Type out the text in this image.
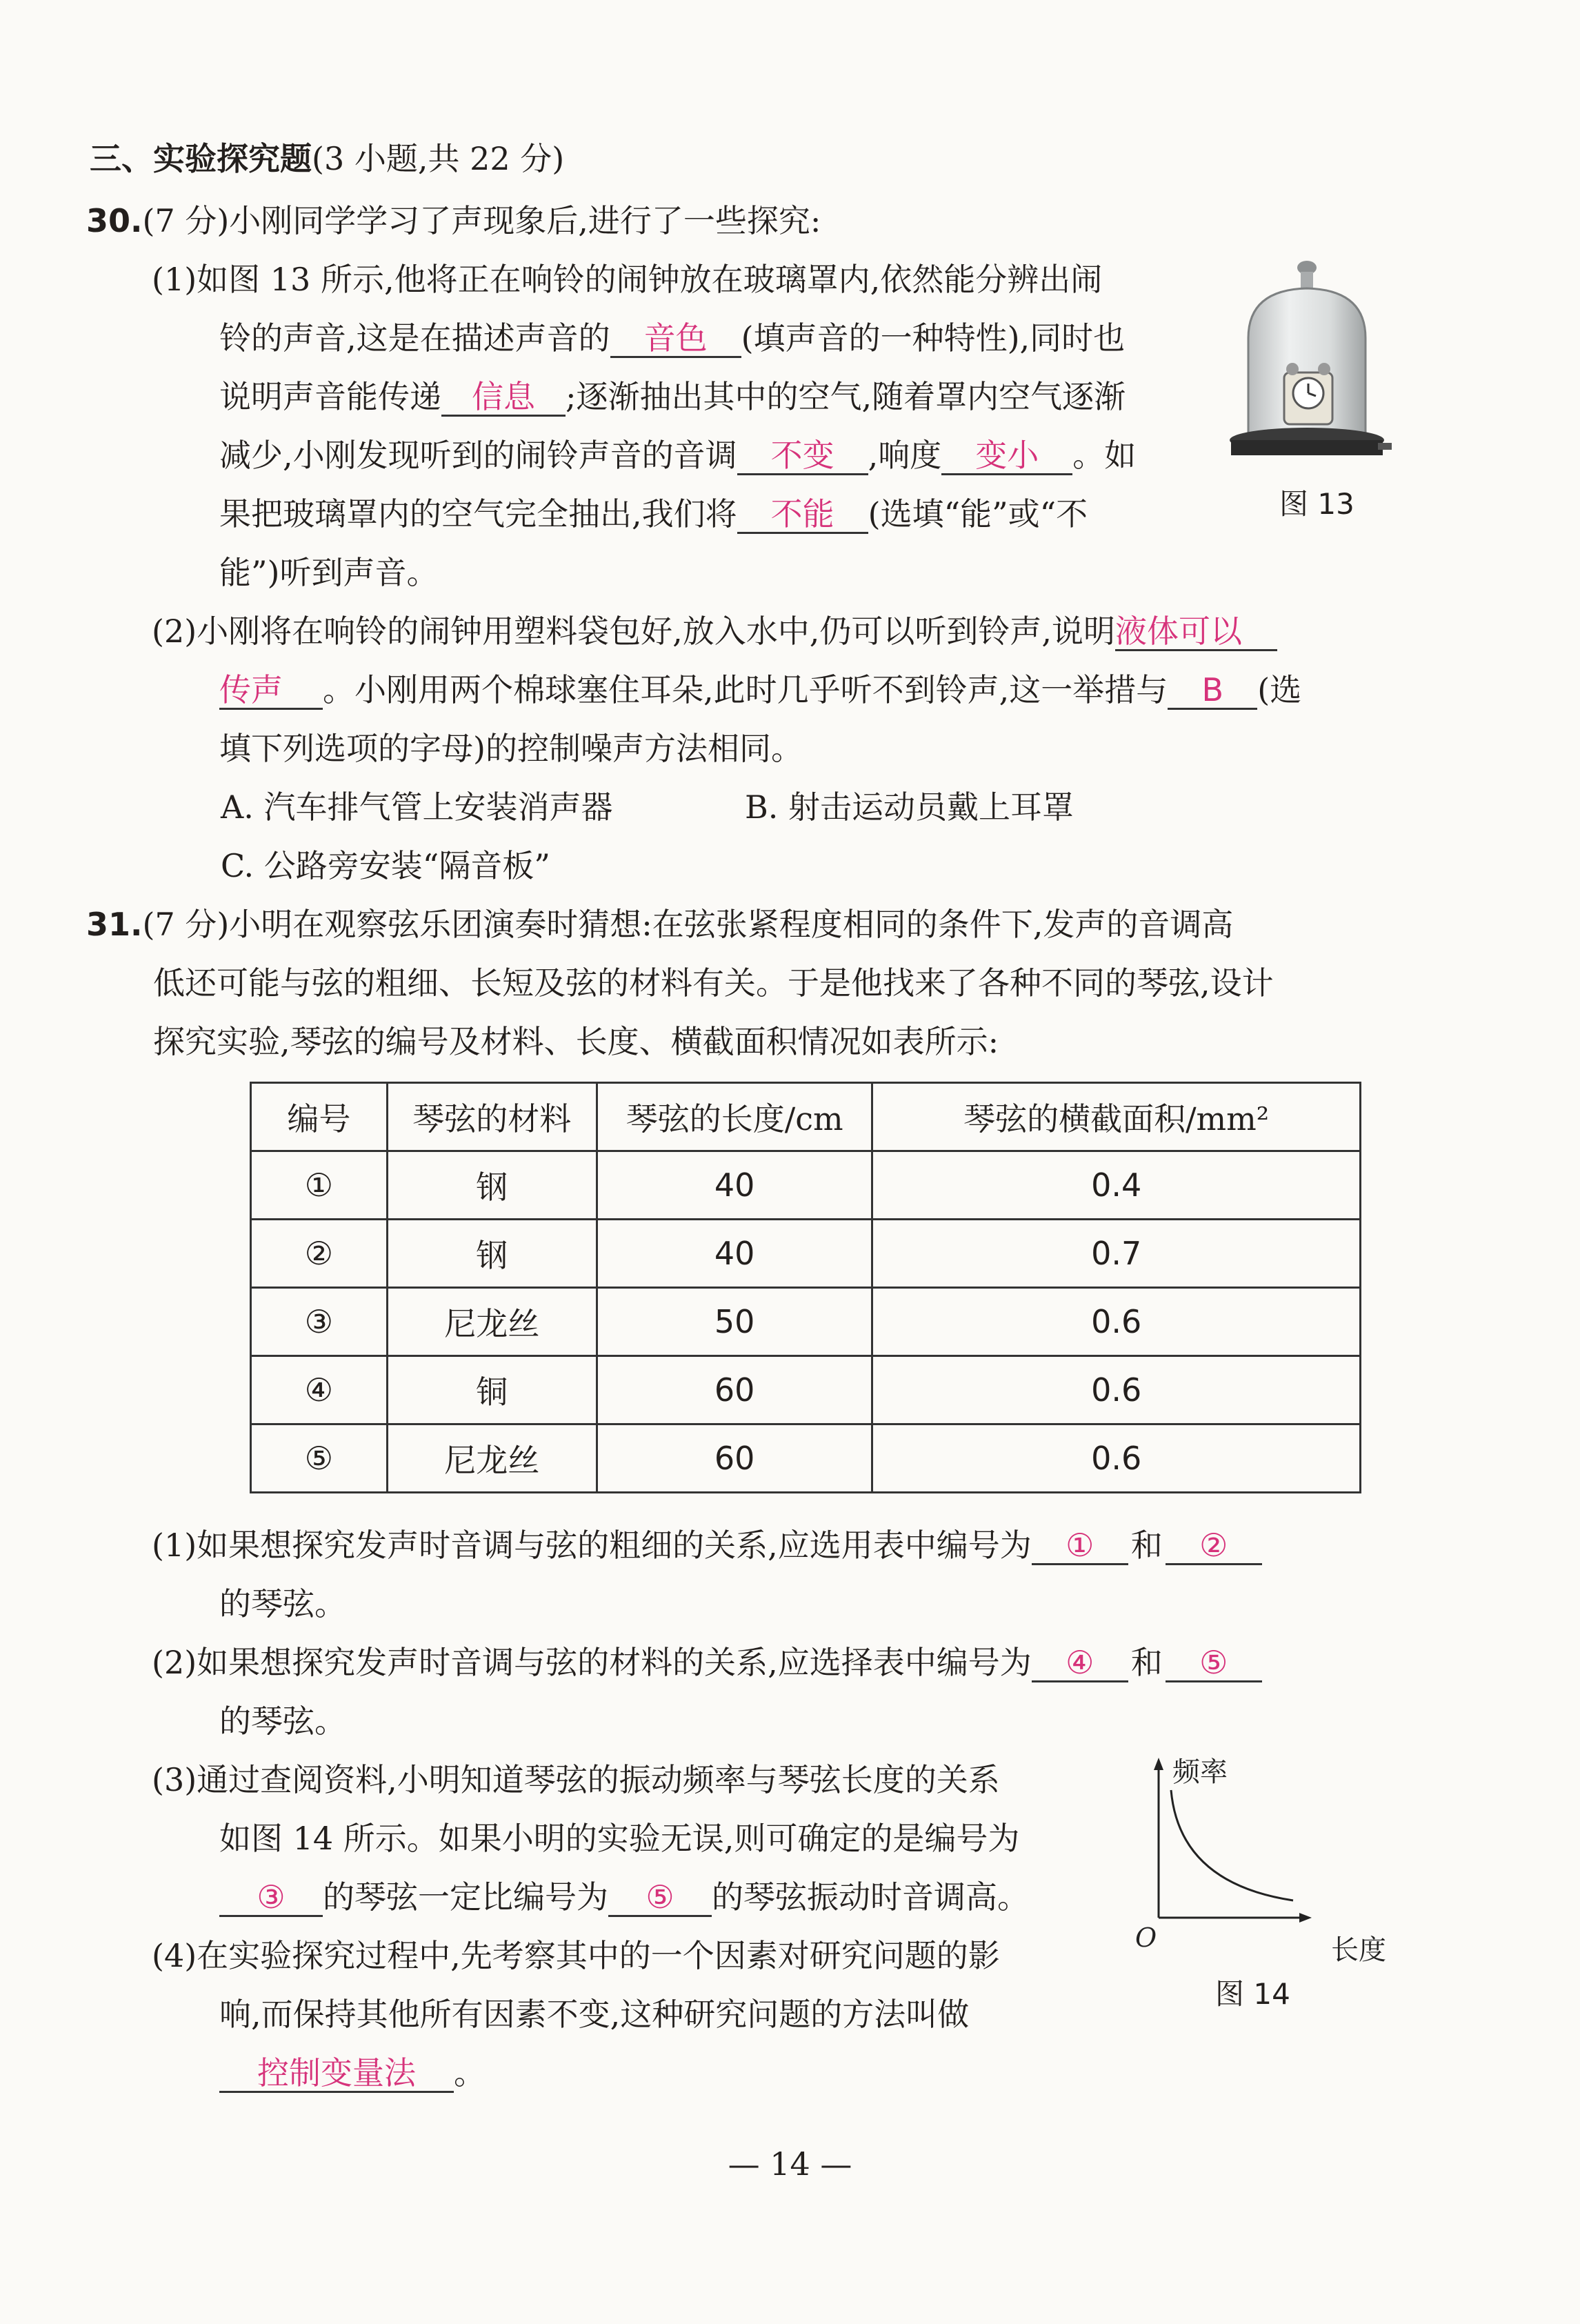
三、实验探究题(3 小题,共 22 分)
30.(7 分)小刚同学学习了声现象后,进行了一些探究:
(1)如图 13 所示,他将正在响铃的闹钟放在玻璃罩内,依然能分辨出闹
铃的声音,这是在描述声音的 音色 (填声音的一种特性),同时也
说明声音能传递 信息 ;逐渐抽出其中的空气,随着罩内空气逐渐
减少,小刚发现听到的闹铃声音的音调 不变 ,响度 变小 。如
果把玻璃罩内的空气完全抽出,我们将 不能 (选填“能”或“不
能”)听到声音。
图 13
(2)小刚将在响铃的闹钟用塑料袋包好,放入水中,仍可以听到铃声,说明液体可以
传声 。小刚用两个棉球塞住耳朵,此时几乎听不到铃声,这一举措与 B (选
填下列选项的字母)的控制噪声方法相同。
A. 汽车排气管上安装消声器	B. 射击运动员戴上耳罩
C. 公路旁安装“隔音板”
31.(7 分)小明在观察弦乐团演奏时猜想:在弦张紧程度相同的条件下,发声的音调高
低还可能与弦的粗细、长短及弦的材料有关。于是他找来了各种不同的琴弦,设计
探究实验,琴弦的编号及材料、长度、横截面积情况如表所示:
编号	琴弦的材料	琴弦的长度/cm	琴弦的横截面积/mm²
①	钢	40	0.4
②	钢	40	0.7
③	尼龙丝	50	0.6
④	铜	60	0.6
⑤	尼龙丝	60	0.6
(1)如果想探究发声时音调与弦的粗细的关系,应选用表中编号为 ① 和 ②
的琴弦。
(2)如果想探究发声时音调与弦的材料的关系,应选择表中编号为 ④ 和 ⑤
的琴弦。
(3)通过查阅资料,小明知道琴弦的振动频率与琴弦长度的关系
如图 14 所示。如果小明的实验无误,则可确定的是编号为
③ 的琴弦一定比编号为 ⑤ 的琴弦振动时音调高。
(4)在实验探究过程中,先考察其中的一个因素对研究问题的影
响,而保持其他所有因素不变,这种研究问题的方法叫做
控制变量法 。
频率
O	长度
图 14
— 14 —
